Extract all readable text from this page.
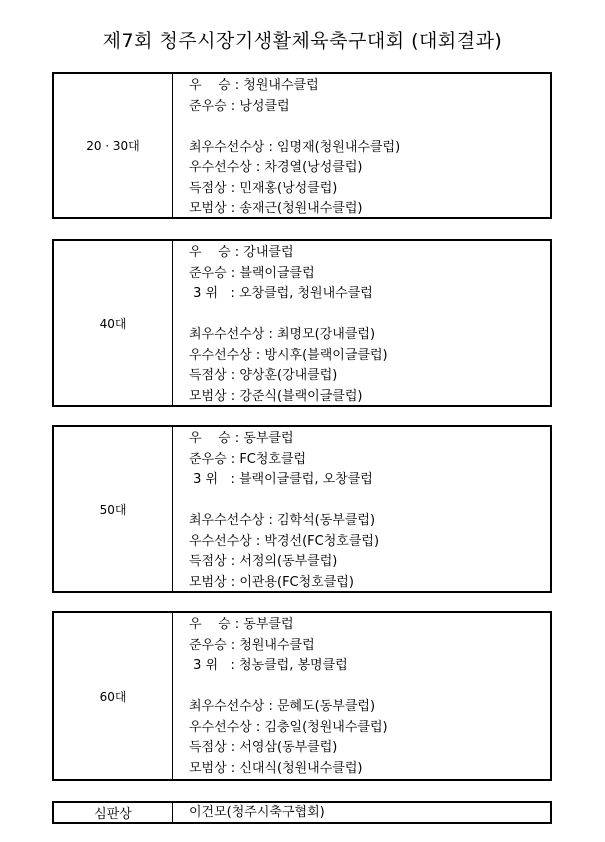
제7회 청주시장기생활체육축구대회 (대회결과)
20 · 30대
우    승 : 청원내수클럽
준우승 : 낭성클럽
최우수선수상 : 임명재(청원내수클럽)
우수선수상 : 차경열(낭성클럽)
득점상 : 민재홍(낭성클럽)
모범상 : 송재근(청원내수클럽)
40대
우    승 : 강내클럽
준우승 : 블랙이글클럽
3 위   : 오창클럽, 청원내수클럽
최우수선수상 : 최명모(강내클럽)
우수선수상 : 방시후(블랙이글클럽)
득점상 : 양상훈(강내클럽)
모범상 : 강준식(블랙이글클럽)
50대
우    승 : 동부클럽
준우승 : FC청호클럽
3 위   : 블랙이글클럽, 오창클럽
최우수선수상 : 김학석(동부클럽)
우수선수상 : 박경선(FC청호클럽)
득점상 : 서정의(동부클럽)
모범상 : 이관용(FC청호클럽)
60대
우    승 : 동부클럽
준우승 : 청원내수클럽
3 위   : 청농클럽, 봉명클럽
최우수선수상 : 문혜도(동부클럽)
우수선수상 : 김충일(청원내수클럽)
득점상 : 서영삼(동부클럽)
모범상 : 신대식(청원내수클럽)
심판상	이건모(청주시축구협회)
